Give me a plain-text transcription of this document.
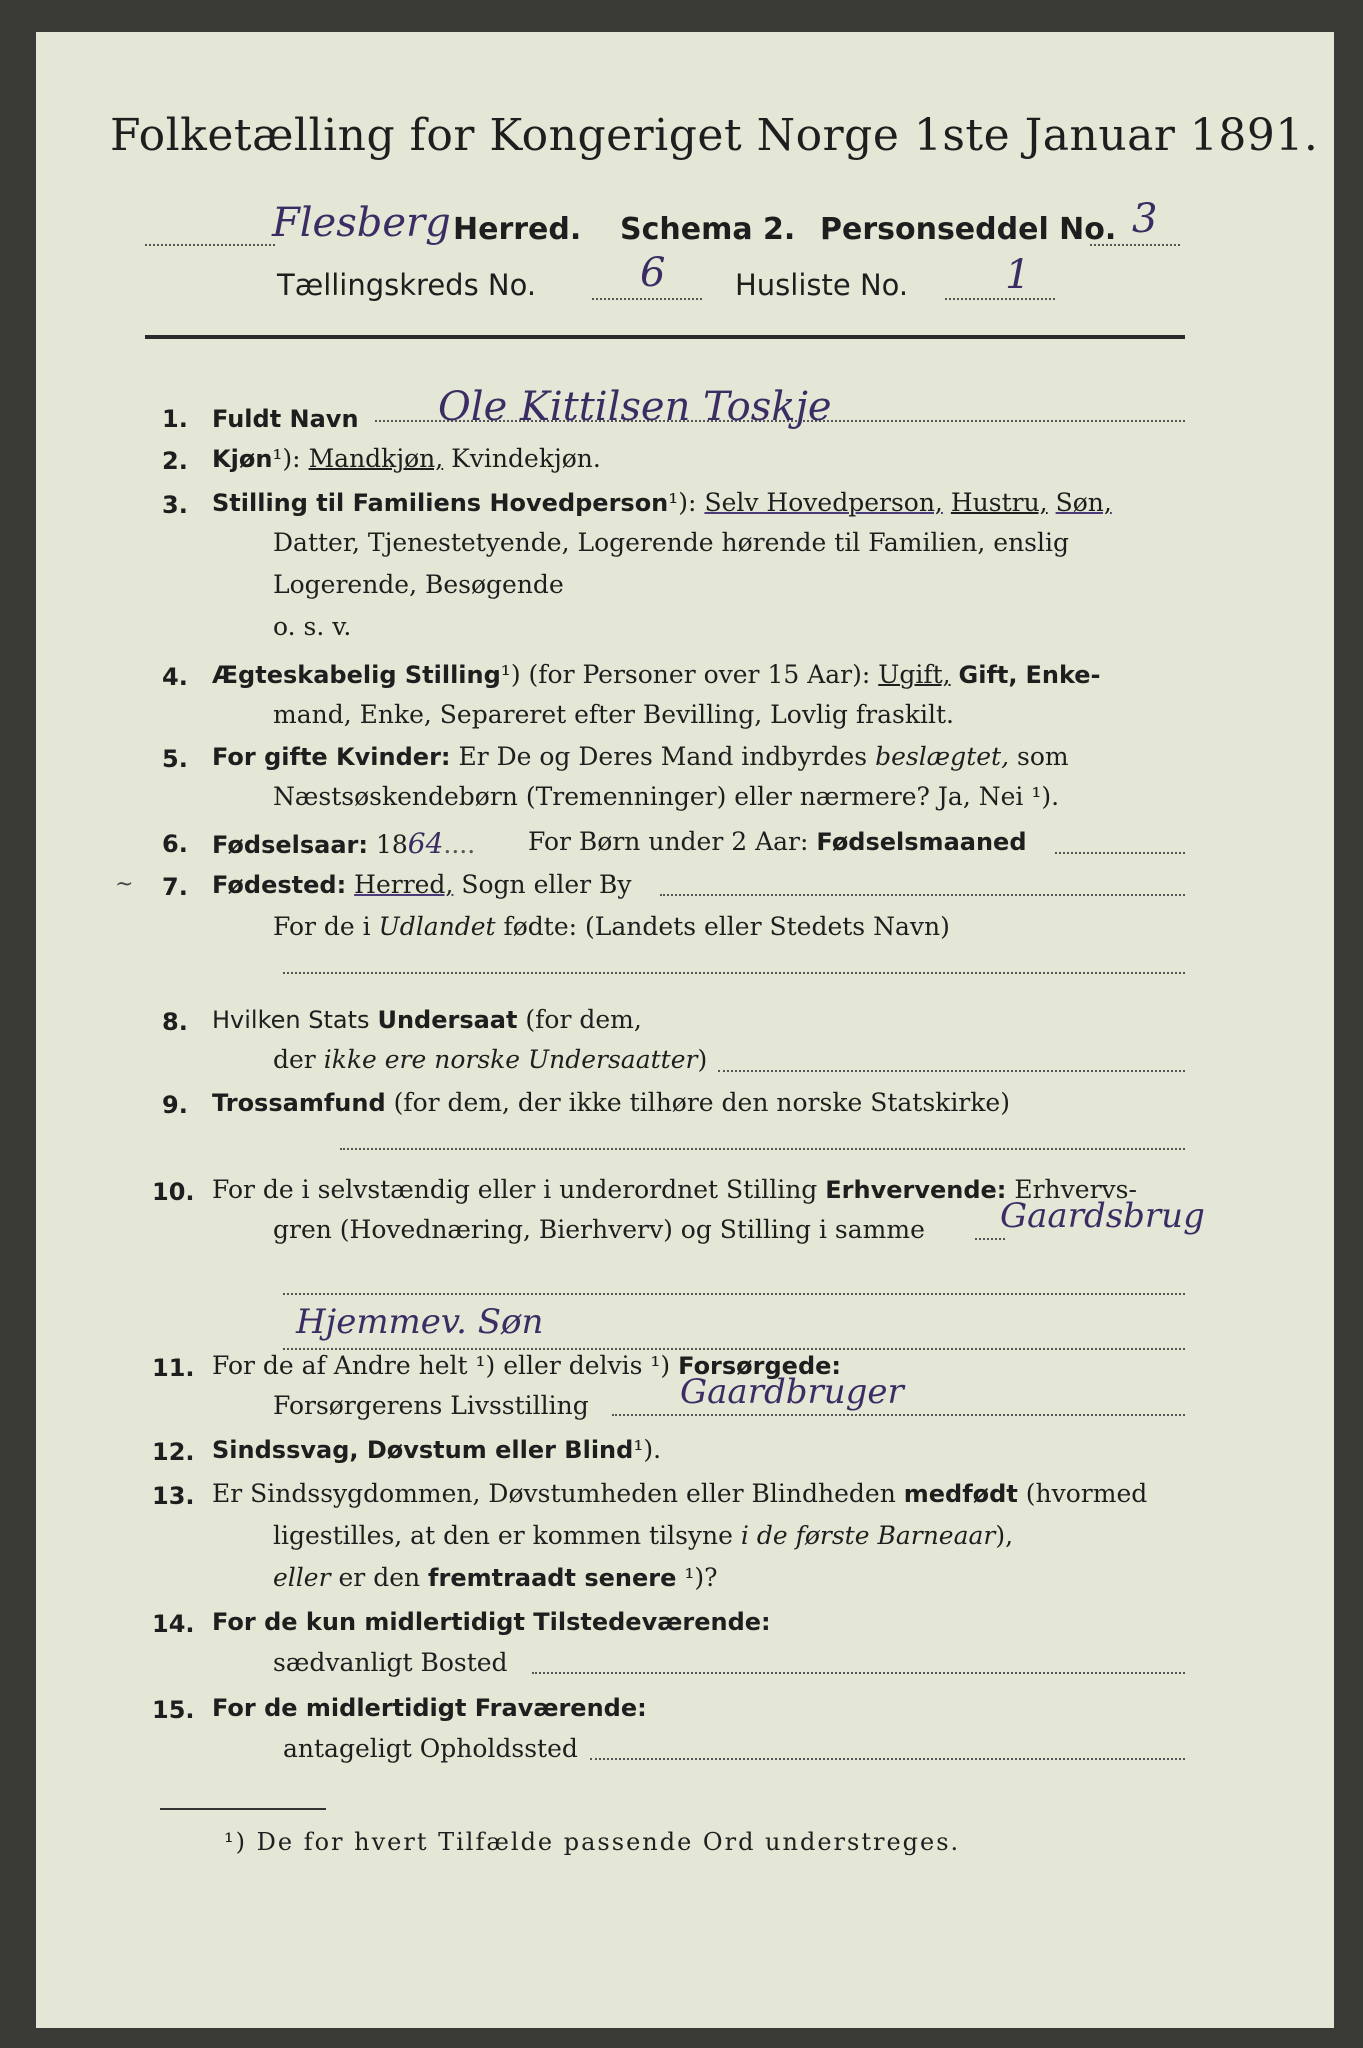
Folketælling for Kongeriget Norge 1ste Januar 1891.
Flesberg Herred. Schema 2. Personseddel No. 3
Tællingskreds No.	6 Husliste No. 1
1. Fuldt Navn Ole Kittilsen Toskje
2. Kjøn¹): Mandkjøn, Kvindekjøn.
3. Stilling til Familiens Hovedperson¹): Selv Hovedperson, Hustru, Søn,
Datter, Tjenestetyende, Logerende hørende til Familien, enslig
Logerende, Besøgende
o. s. v.
4. Ægteskabelig Stilling¹) (for Personer over 15 Aar): Ugift, Gift, Enke-
mand, Enke, Separeret efter Bevilling, Lovlig fraskilt.
5. For gifte Kvinder: Er De og Deres Mand indbyrdes beslægtet, som
Næstsøskendebørn (Tremenninger) eller nærmere? Ja, Nei ¹).
6. Fødselsaar: 1864.... For Børn under 2 Aar: Fødselsmaaned
~ 7. Fødested: Herred, Sogn eller By
For de i Udlandet fødte: (Landets eller Stedets Navn)
8. Hvilken Stats Undersaat (for dem,
der ikke ere norske Undersaatter)
9. Trossamfund (for dem, der ikke tilhøre den norske Statskirke)
10. For de i selvstændig eller i underordnet Stilling Erhvervende: Erhvervs-
gren (Hovednæring, Bierhverv) og Stilling i samme Gaardsbrug
Hjemmev. Søn
11. For de af Andre helt ¹) eller delvis ¹) Forsørgede:
Forsørgerens Livsstilling	Gaardbruger
12. Sindssvag, Døvstum eller Blind¹).
13. Er Sindssygdommen, Døvstumheden eller Blindheden medfødt (hvormed
ligestilles, at den er kommen tilsyne i de første Barneaar),
eller er den fremtraadt senere ¹)?
14. For de kun midlertidigt Tilstedeværende:
sædvanligt Bosted
15. For de midlertidigt Fraværende:
antageligt Opholdssted
¹) De for hvert Tilfælde passende Ord understreges.
